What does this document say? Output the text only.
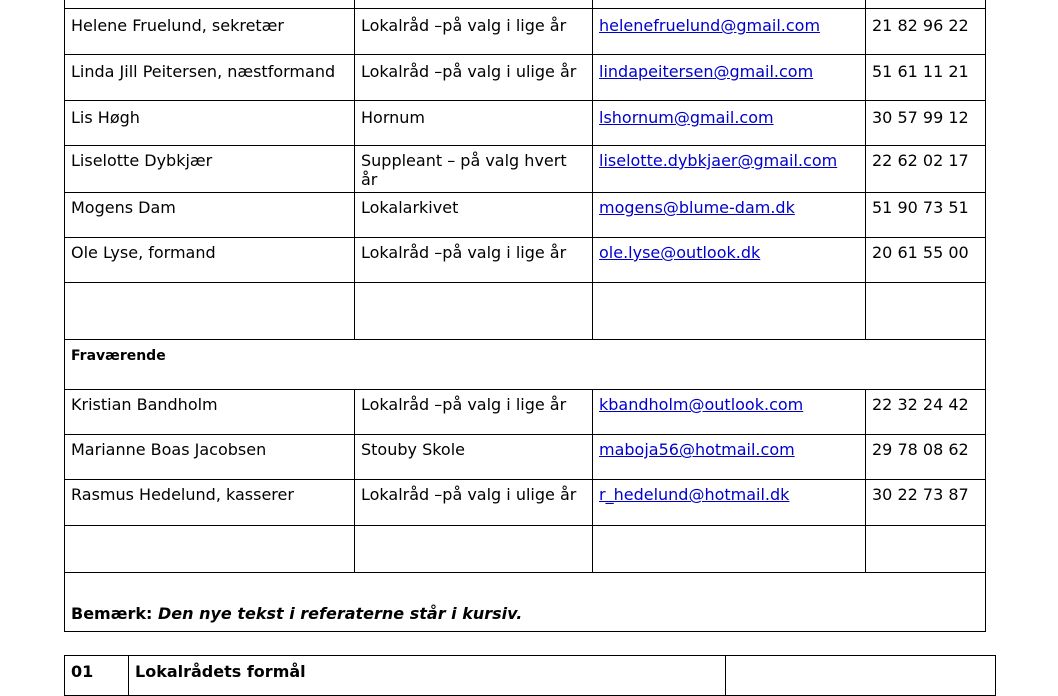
Helene Fruelund, sekretær	Lokalråd –på valg i lige år	helenefruelund@gmail.com	21 82 96 22
Linda Jill Peitersen, næstformand	Lokalråd –på valg i ulige år	lindapeitersen@gmail.com	51 61 11 21
Lis Høgh	Hornum	lshornum@gmail.com	30 57 99 12
Liselotte Dybkjær	Suppleant – på valg hvert år	liselotte.dybkjaer@gmail.com	22 62 02 17
Mogens Dam	Lokalarkivet	mogens@blume-dam.dk	51 90 73 51
Ole Lyse, formand	Lokalråd –på valg i lige år	ole.lyse@outlook.dk	20 61 55 00

Fraværende			
Kristian Bandholm	Lokalråd –på valg i lige år	kbandholm@outlook.com	22 32 24 42
Marianne Boas Jacobsen	Stouby Skole	maboja56@hotmail.com	29 78 08 62
Rasmus Hedelund, kasserer	Lokalråd –på valg i ulige år	r_hedelund@hotmail.dk	30 22 73 87

Bemærk: Den nye tekst i referaterne står i kursiv.			
01	Lokalrådets formål	
